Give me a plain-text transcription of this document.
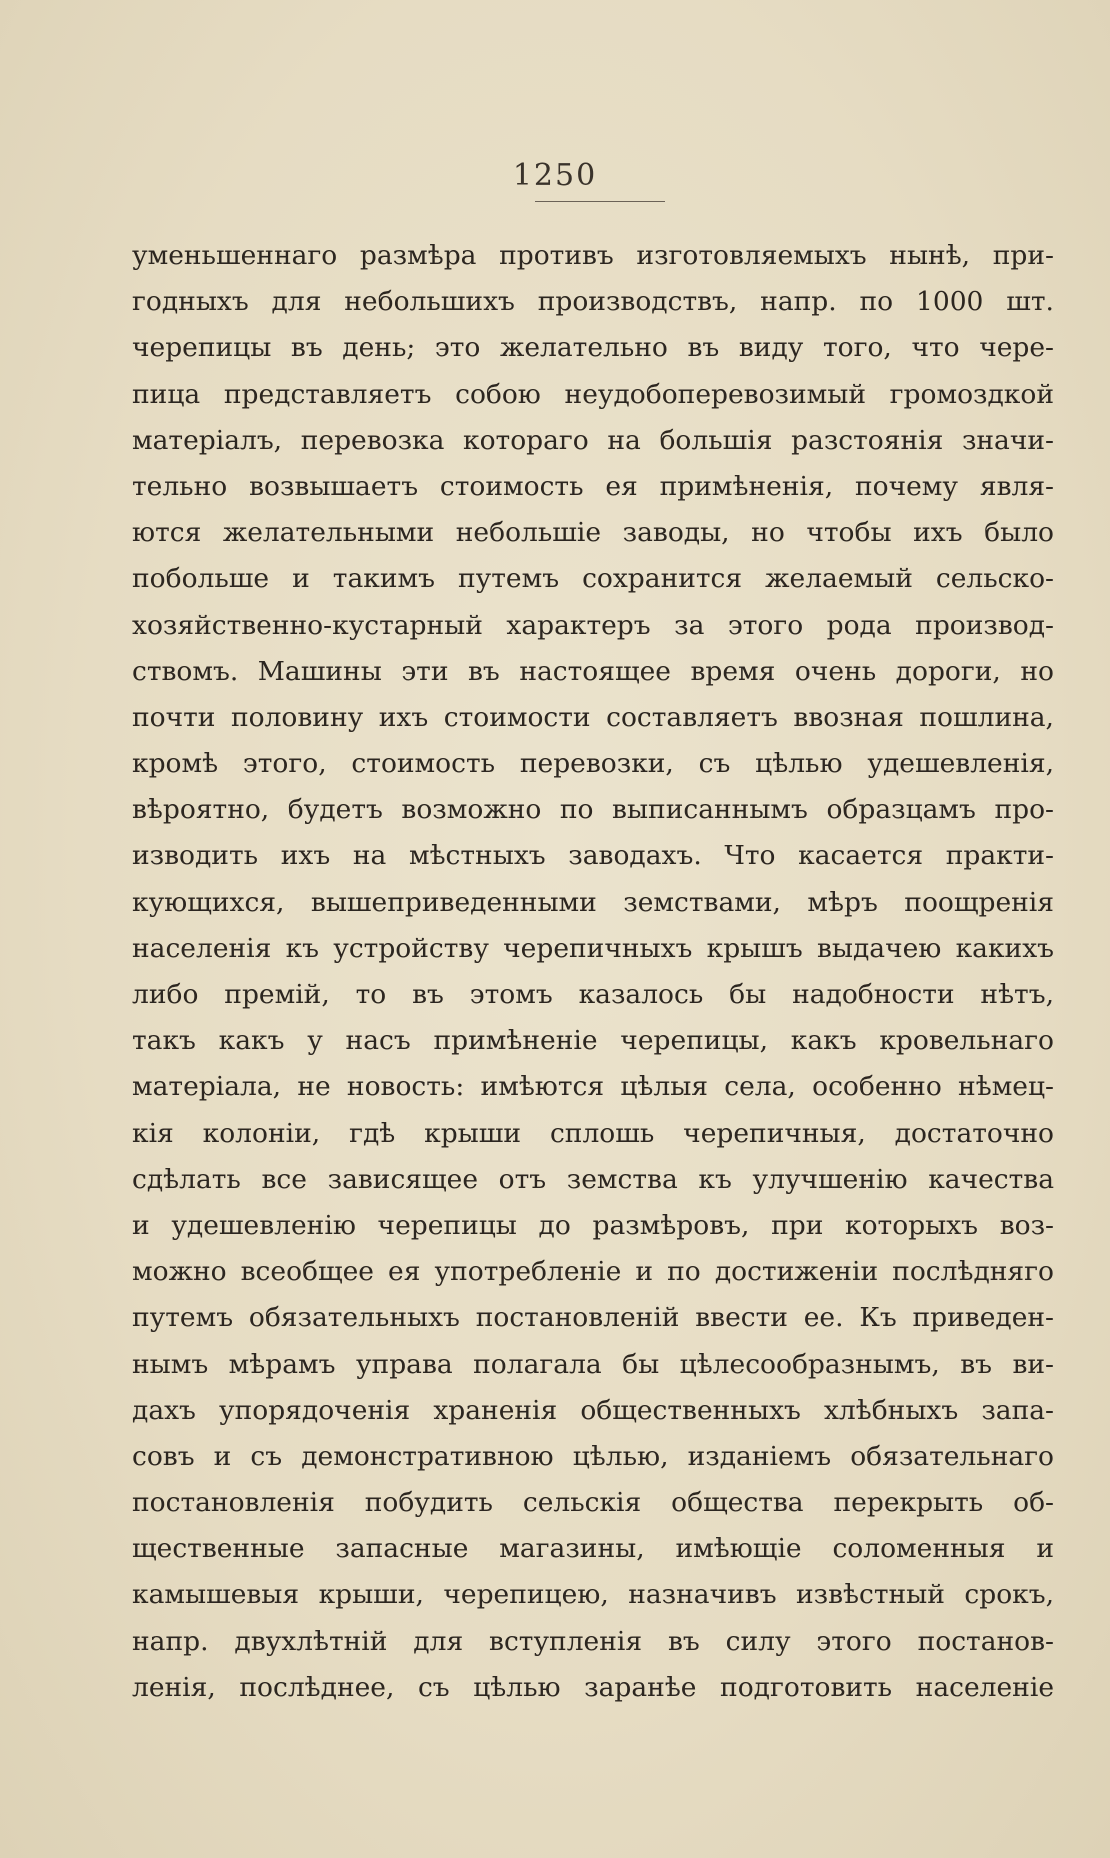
1250
уменьшеннаго размѣра противъ изготовляемыхъ нынѣ, при-
годныхъ для небольшихъ производствъ, напр. по 1000 шт.
черепицы въ день; это желательно въ виду того, что чере-
пица представляетъ собою неудобоперевозимый громоздкой
матеріалъ, перевозка котораго на большія разстоянія значи-
тельно возвышаетъ стоимость ея примѣненія, почему явля-
ются желательными небольшіе заводы, но чтобы ихъ было
побольше и такимъ путемъ сохранится желаемый сельско-
хозяйственно-кустарный характеръ за этого рода производ-
ствомъ. Машины эти въ настоящее время очень дороги, но
почти половину ихъ стоимости составляетъ ввозная пошлина,
кромѣ этого, стоимость перевозки, съ цѣлью удешевленія,
вѣроятно, будетъ возможно по выписаннымъ образцамъ про-
изводить ихъ на мѣстныхъ заводахъ. Что касается практи-
кующихся, вышеприведенными земствами, мѣръ поощренія
населенія къ устройству черепичныхъ крышъ выдачею какихъ
либо премій, то въ этомъ казалось бы надобности нѣтъ,
такъ какъ у насъ примѣненіе черепицы, какъ кровельнаго
матеріала, не новость: имѣются цѣлыя села, особенно нѣмец-
кія колоніи, гдѣ крыши сплошь черепичныя, достаточно
сдѣлать все зависящее отъ земства къ улучшенію качества
и удешевленію черепицы до размѣровъ, при которыхъ воз-
можно всеобщее ея употребленіе и по достиженіи послѣдняго
путемъ обязательныхъ постановленій ввести ее. Къ приведен-
нымъ мѣрамъ управа полагала бы цѣлесообразнымъ, въ ви-
дахъ упорядоченія храненія общественныхъ хлѣбныхъ запа-
совъ и съ демонстративною цѣлью, изданіемъ обязательнаго
постановленія побудить сельскія общества перекрыть об-
щественные запасные магазины, имѣющіе соломенныя и
камышевыя крыши, черепицею, назначивъ извѣстный срокъ,
напр. двухлѣтній для вступленія въ силу этого постанов-
ленія, послѣднее, съ цѣлью заранѣе подготовить населеніе
